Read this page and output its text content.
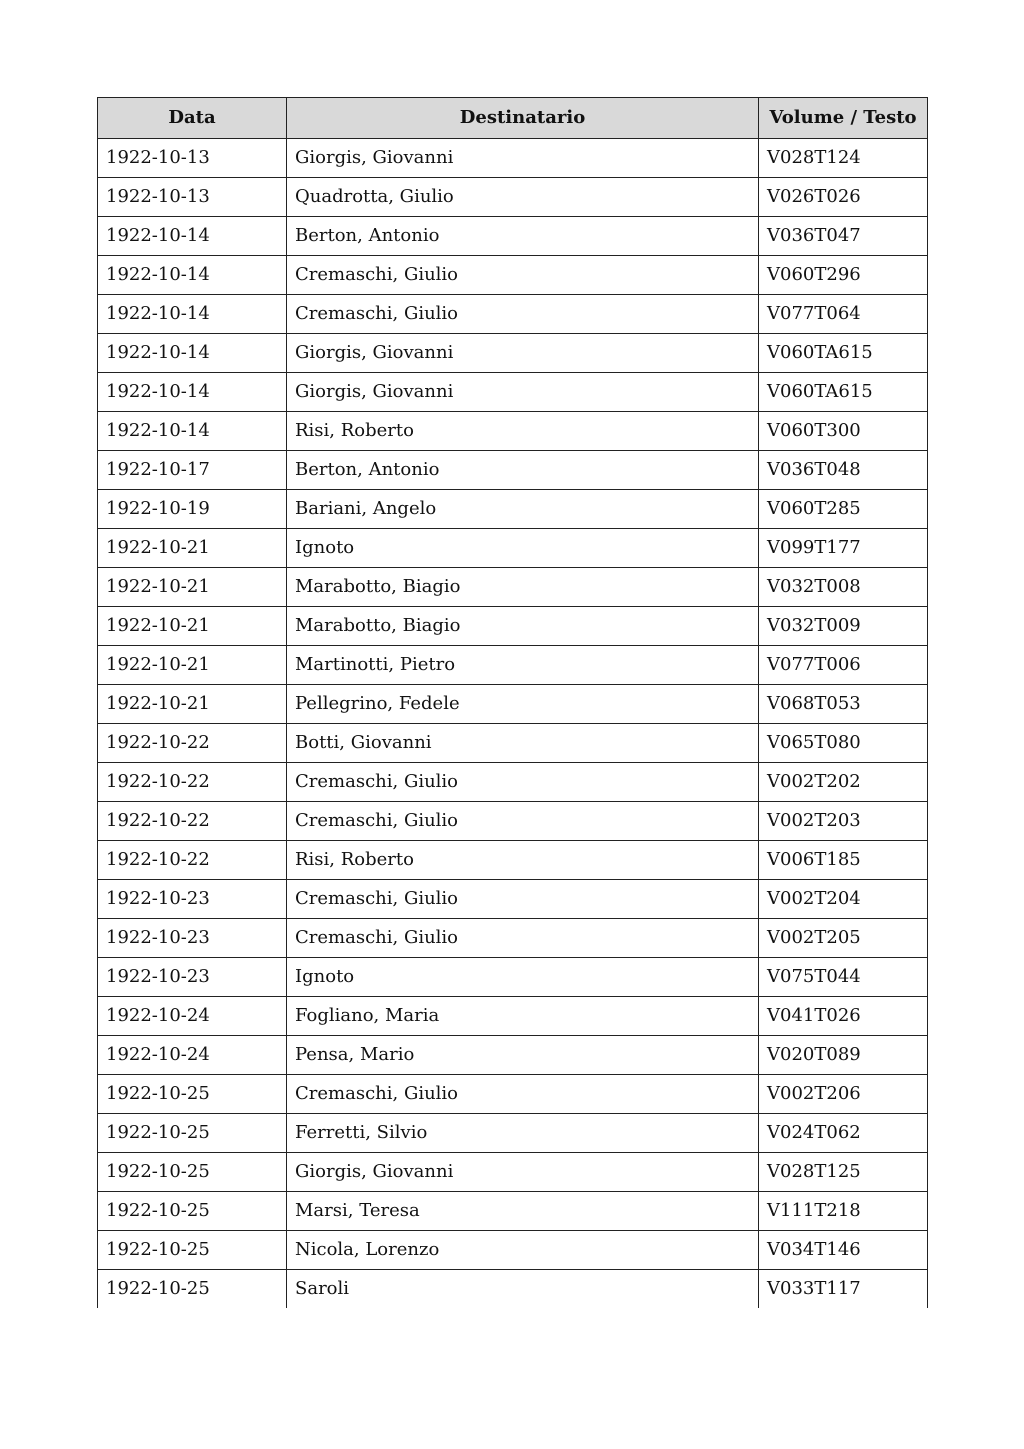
Data	Destinatario	Volume / Testo
1922-10-13	Giorgis, Giovanni	V028T124
1922-10-13	Quadrotta, Giulio	V026T026
1922-10-14	Berton, Antonio	V036T047
1922-10-14	Cremaschi, Giulio	V060T296
1922-10-14	Cremaschi, Giulio	V077T064
1922-10-14	Giorgis, Giovanni	V060TA615
1922-10-14	Giorgis, Giovanni	V060TA615
1922-10-14	Risi, Roberto	V060T300
1922-10-17	Berton, Antonio	V036T048
1922-10-19	Bariani, Angelo	V060T285
1922-10-21	Ignoto	V099T177
1922-10-21	Marabotto, Biagio	V032T008
1922-10-21	Marabotto, Biagio	V032T009
1922-10-21	Martinotti, Pietro	V077T006
1922-10-21	Pellegrino, Fedele	V068T053
1922-10-22	Botti, Giovanni	V065T080
1922-10-22	Cremaschi, Giulio	V002T202
1922-10-22	Cremaschi, Giulio	V002T203
1922-10-22	Risi, Roberto	V006T185
1922-10-23	Cremaschi, Giulio	V002T204
1922-10-23	Cremaschi, Giulio	V002T205
1922-10-23	Ignoto	V075T044
1922-10-24	Fogliano, Maria	V041T026
1922-10-24	Pensa, Mario	V020T089
1922-10-25	Cremaschi, Giulio	V002T206
1922-10-25	Ferretti, Silvio	V024T062
1922-10-25	Giorgis, Giovanni	V028T125
1922-10-25	Marsi, Teresa	V111T218
1922-10-25	Nicola, Lorenzo	V034T146
1922-10-25	Saroli	V033T117
